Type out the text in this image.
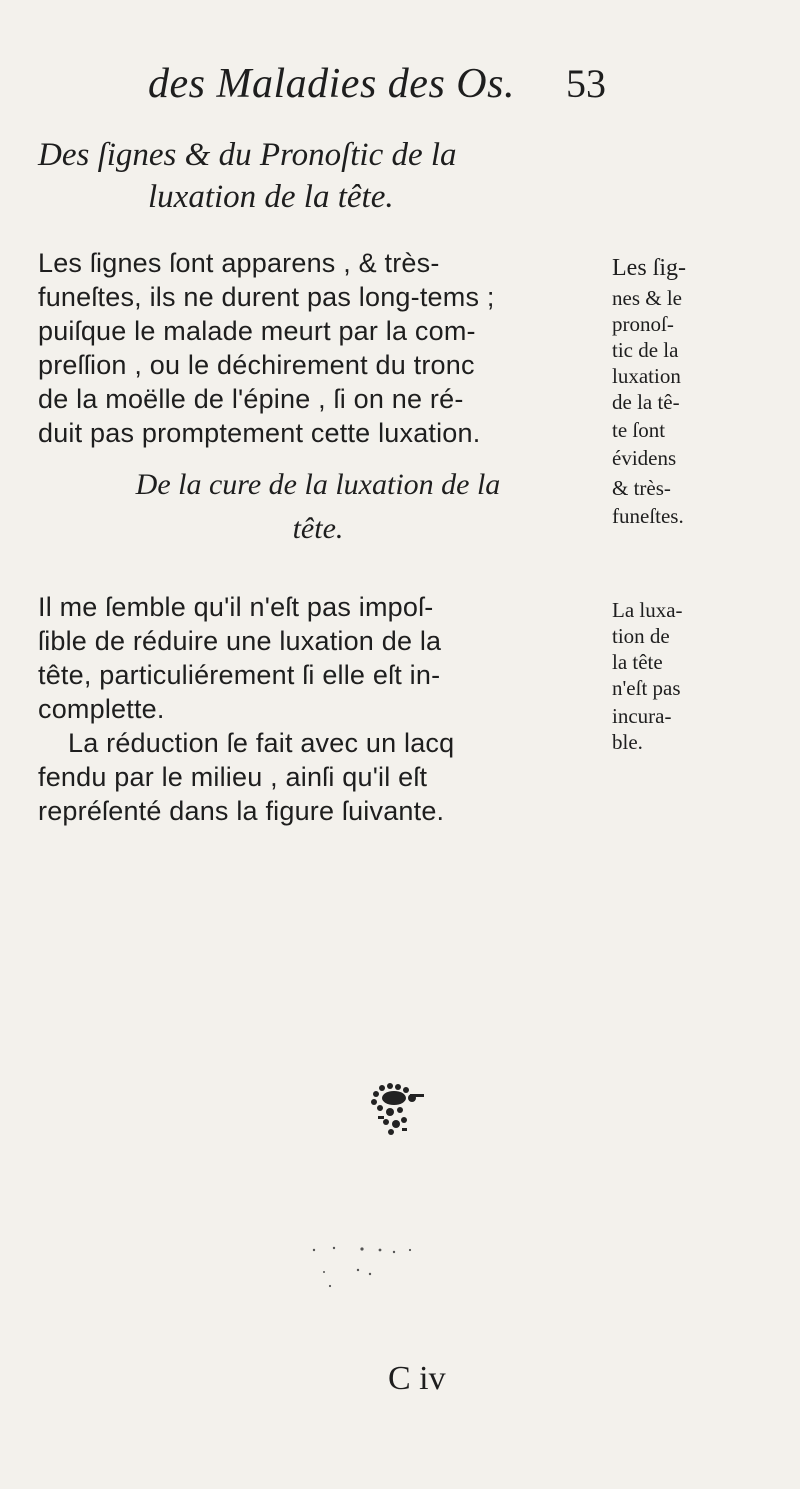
des Maladies des Os. 53
Des ſignes & du Pronoſtic de la
luxation de la tête.
Les ſignes ſont apparens , & très-
funeſtes, ils ne durent pas long-tems ;
puiſque le malade meurt par la com-
preſſion , ou le déchirement du tronc
de la moëlle de l'épine , ſi on ne ré-
duit pas promptement cette luxation.
Les ſig-
nes & le
pronoſ-
tic de la
luxation
de la tê-
te ſont
évidens
& très-
funeſtes.
De la cure de la luxation de la
tête.
Il me ſemble qu'il n'eſt pas impoſ-
ſible de réduire une luxation de la
tête, particuliérement ſi elle eſt in-
complette.
La réduction ſe fait avec un lacq
fendu par le milieu , ainſi qu'il eſt
repréſenté dans la figure ſuivante.
La luxa-
tion de
la tête
n'eſt pas
incura-
ble.
C iv
